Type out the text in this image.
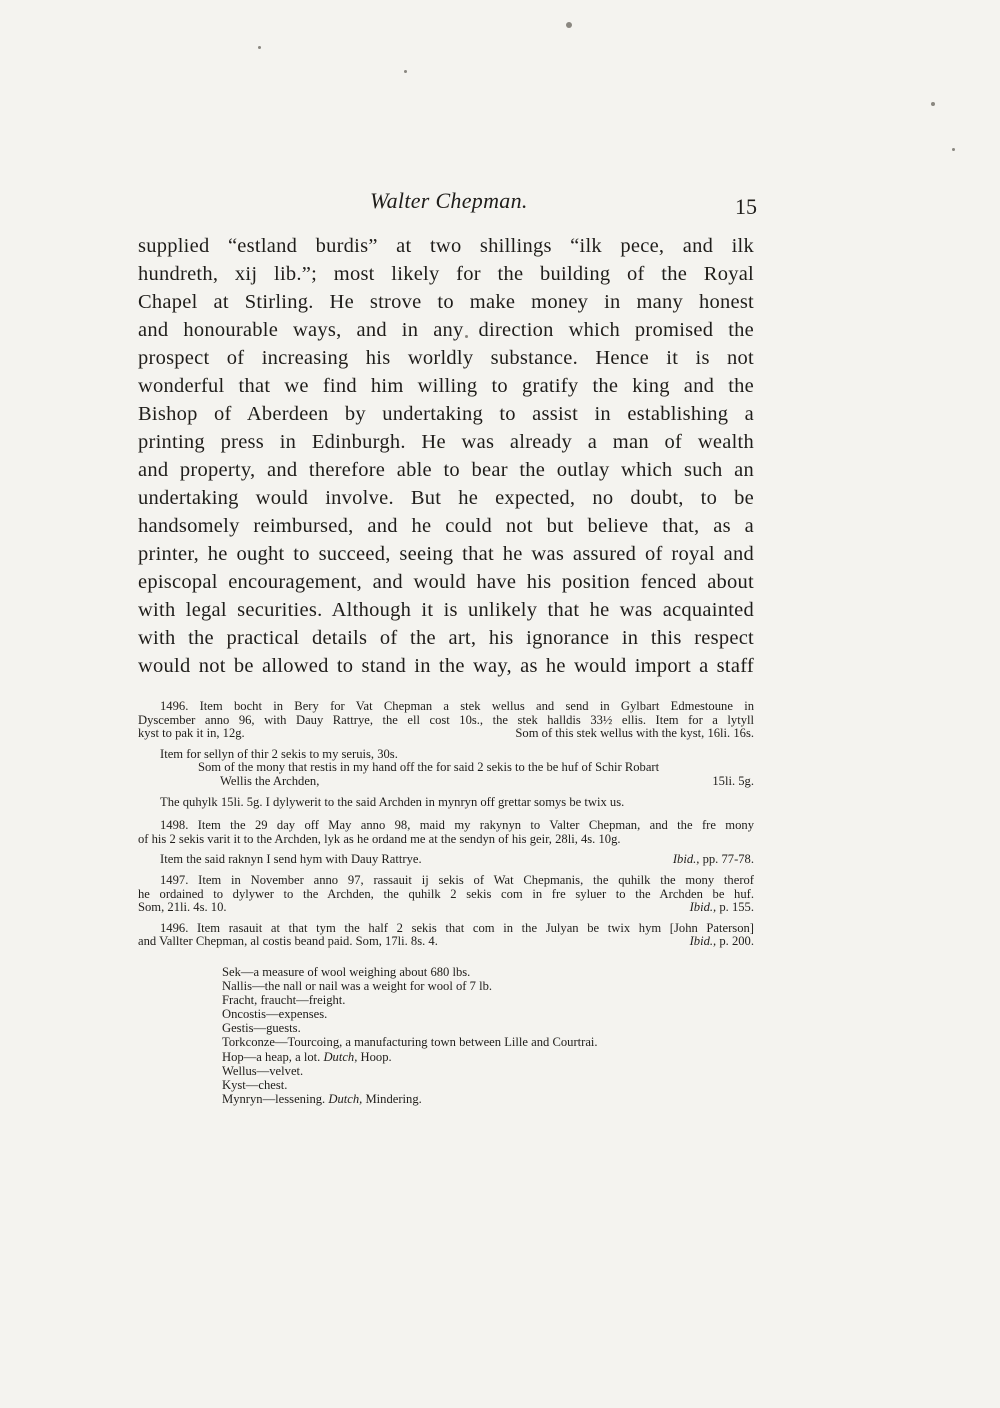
Walter Chepman.	15
supplied “estland burdis” at two shillings “ilk pece, and ilk
hundreth, xij lib.”; most likely for the building of the Royal
Chapel at Stirling. He strove to make money in many honest
and honourable ways, and in any direction which promised the
prospect of increasing his worldly substance. Hence it is not
wonderful that we find him willing to gratify the king and the
Bishop of Aberdeen by undertaking to assist in establishing a
printing press in Edinburgh. He was already a man of wealth
and property, and therefore able to bear the outlay which such an
undertaking would involve. But he expected, no doubt, to be
handsomely reimbursed, and he could not but believe that, as a
printer, he ought to succeed, seeing that he was assured of royal and
episcopal encouragement, and would have his position fenced about
with legal securities. Although it is unlikely that he was acquainted
with the practical details of the art, his ignorance in this respect
would not be allowed to stand in the way, as he would import a staff
1496. Item bocht in Bery for Vat Chepman a stek wellus and send in Gylbart Edmestoune in
Dyscember anno 96, with Dauy Rattrye, the ell cost 10s., the stek halldis 33½ ellis. Item for a lytyll
kyst to pak it in, 12g.	Som of this stek wellus with the kyst, 16li. 16s.
Item for sellyn of thir 2 sekis to my seruis, 30s.
Som of the mony that restis in my hand off the for said 2 sekis to the be huf of Schir Robart
Wellis the Archden,	15li. 5g.
The quhylk 15li. 5g. I dylywerit to the said Archden in mynryn off grettar somys be twix us.
1498. Item the 29 day off May anno 98, maid my rakynyn to Valter Chepman, and the fre mony
of his 2 sekis varit it to the Archden, lyk as he ordand me at the sendyn of his geir, 28li, 4s. 10g.
Item the said raknyn I send hym with Dauy Rattrye.	Ibid., pp. 77-78.
1497. Item in November anno 97, rassauit ij sekis of Wat Chepmanis, the quhilk the mony therof
he ordained to dylywer to the Archden, the quhilk 2 sekis com in fre syluer to the Archden be huf.
Som, 21li. 4s. 10.	Ibid., p. 155.
1496. Item rasauit at that tym the half 2 sekis that com in the Julyan be twix hym [John Paterson]
and Vallter Chepman, al costis beand paid. Som, 17li. 8s. 4.	Ibid., p. 200.
Sek—a measure of wool weighing about 680 lbs.
Nallis—the nall or nail was a weight for wool of 7 lb.
Fracht, fraucht—freight.
Oncostis—expenses.
Gestis—guests.
Torkconze—Tourcoing, a manufacturing town between Lille and Courtrai.
Hop—a heap, a lot. Dutch, Hoop.
Wellus—velvet.
Kyst—chest.
Mynryn—lessening. Dutch, Mindering.
